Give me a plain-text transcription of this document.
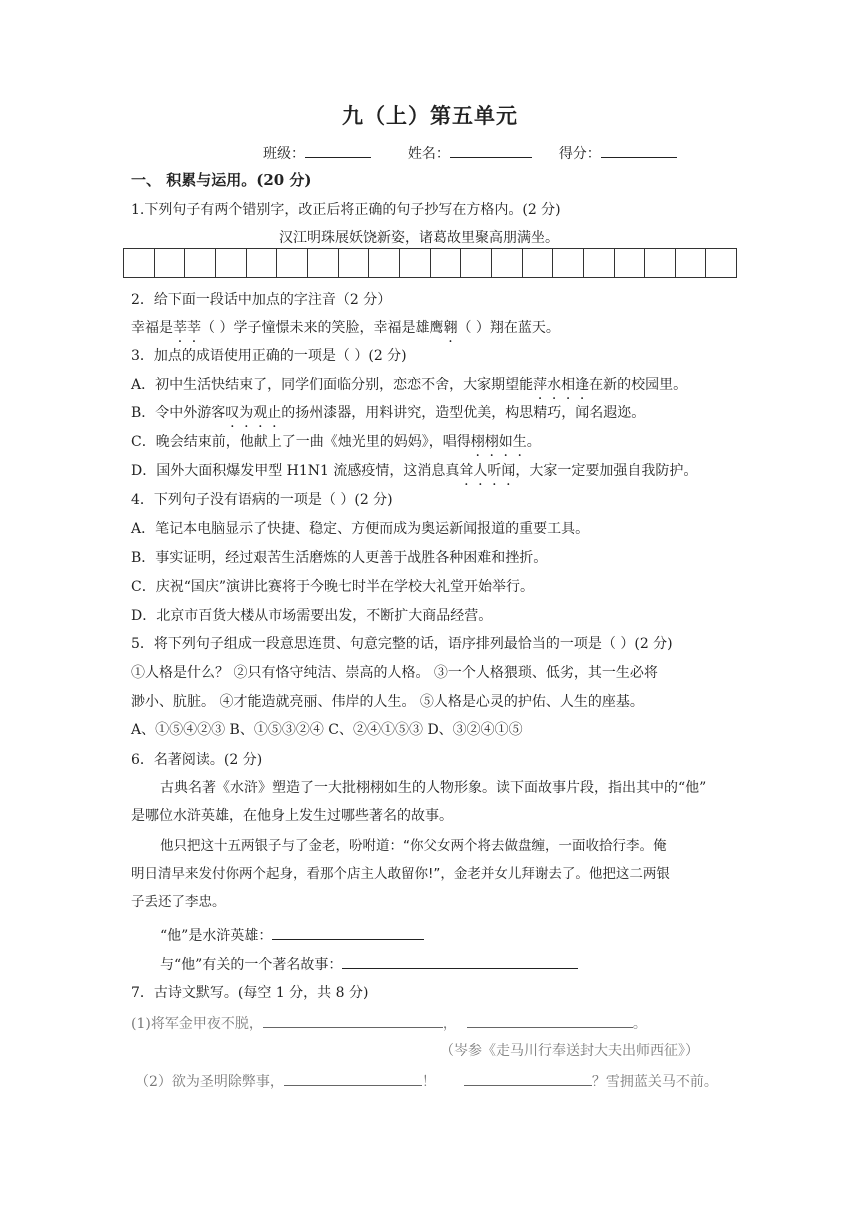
九（上）第五单元
班级：	姓名：	得分：
一、 积累与运用。(20 分)
1.下列句子有两个错别字，改正后将正确的句子抄写在方格内。(2 分)
汉江明珠展妖饶新姿，诸葛故里聚高朋满坐。
2．给下面一段话中加点的字注音（2 分）
幸福是莘莘（ ）学子憧憬未来的笑脸，幸福是雄鹰翱（ ）翔在蓝天。
3．加点的成语使用正确的一项是（ ）(2 分)
A．初中生活快结束了，同学们面临分别，恋恋不舍，大家期望能萍水相逢在新的校园里。
B．令中外游客叹为观止的扬州漆器，用料讲究，造型优美，构思精巧，闻名遐迩。
C．晚会结束前，他献上了一曲《烛光里的妈妈》，唱得栩栩如生。
D．国外大面积爆发甲型 H1N1 流感疫情，这消息真耸人听闻，大家一定要加强自我防护。
4．下列句子没有语病的一项是（ ）(2 分)
A．笔记本电脑显示了快捷、稳定、方便而成为奥运新闻报道的重要工具。
B．事实证明，经过艰苦生活磨炼的人更善于战胜各种困难和挫折。
C．庆祝“国庆”演讲比赛将于今晚七时半在学校大礼堂开始举行。
D．北京市百货大楼从市场需要出发，不断扩大商品经营。
5．将下列句子组成一段意思连贯、句意完整的话，语序排列最恰当的一项是（ ）(2 分)
①人格是什么？ ②只有恪守纯洁、崇高的人格。 ③一个人格猥琐、低劣，其一生必将
渺小、肮脏。 ④才能造就亮丽、伟岸的人生。 ⑤人格是心灵的护佑、人生的座基。
A、①⑤④②③ B、①⑤③②④ C、②④①⑤③ D、③②④①⑤
6．名著阅读。(2 分)
古典名著《水浒》塑造了一大批栩栩如生的人物形象。读下面故事片段，指出其中的“他”
是哪位水浒英雄，在他身上发生过哪些著名的故事。
他只把这十五两银子与了金老，吩咐道：“你父女两个将去做盘缠，一面收拾行李。俺
明日清早来发付你两个起身，看那个店主人敢留你!”，金老并女儿拜谢去了。他把这二两银
子丢还了李忠。
“他”是水浒英雄：
与“他”有关的一个著名故事：
7．古诗文默写。(每空 1 分，共 8 分)
(1)将军金甲夜不脱，	，	。
（岑参《走马川行奉送封大夫出师西征》）
（2）欲为圣明除弊事，	！	？雪拥蓝关马不前。
